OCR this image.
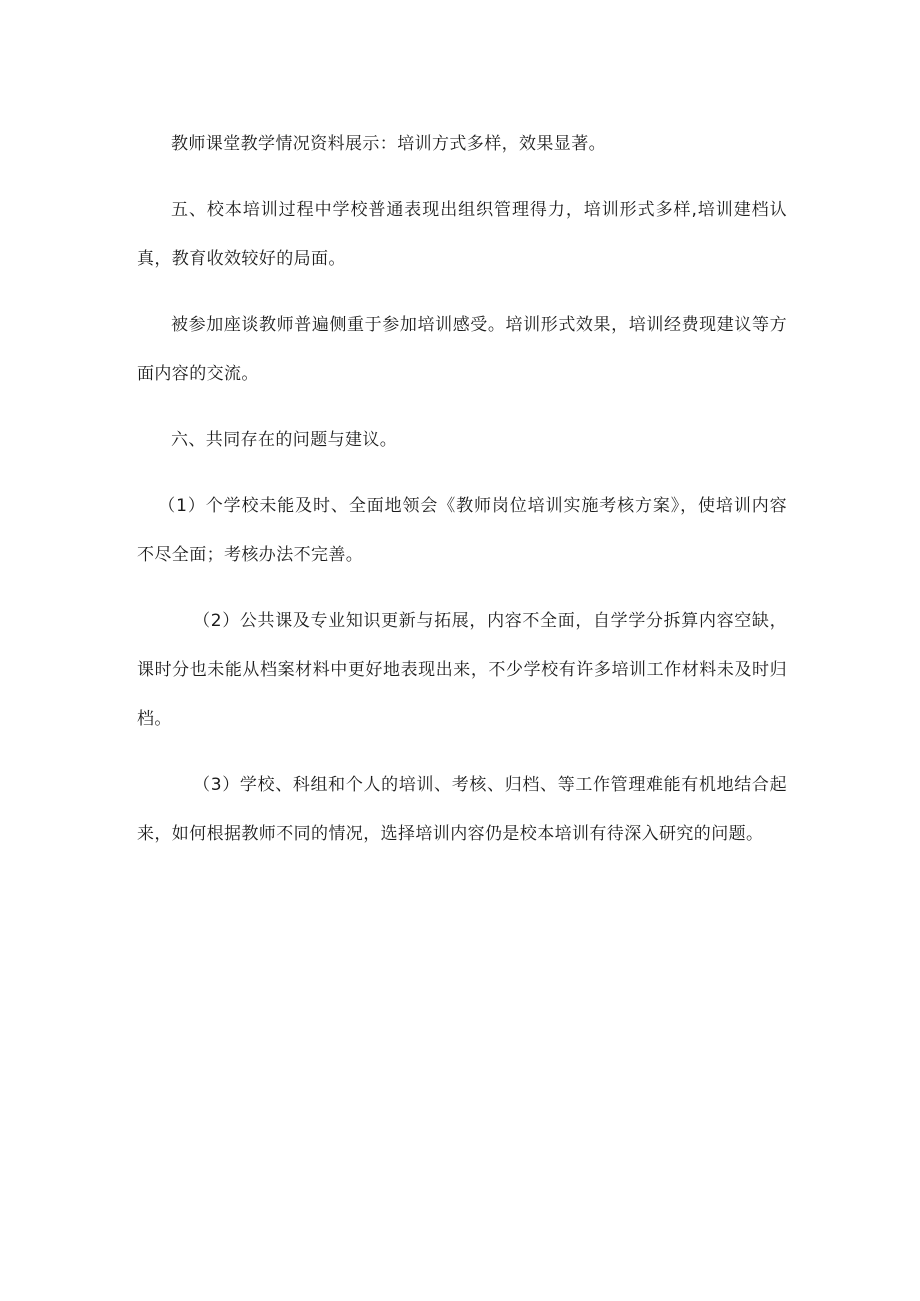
教师课堂教学情况资料展示：培训方式多样，效果显著。

五、校本培训过程中学校普通表现出组织管理得力，培训形式多样,培训建档认真，教育收效较好的局面。

被参加座谈教师普遍侧重于参加培训感受。培训形式效果，培训经费现建议等方面内容的交流。

六、共同存在的问题与建议。

（1）个学校未能及时、全面地领会《教师岗位培训实施考核方案》，使培训内容不尽全面；考核办法不完善。

（2）公共课及专业知识更新与拓展，内容不全面，自学学分拆算内容空缺，课时分也未能从档案材料中更好地表现出来，不少学校有许多培训工作材料未及时归档。

（3）学校、科组和个人的培训、考核、归档、等工作管理难能有机地结合起来，如何根据教师不同的情况，选择培训内容仍是校本培训有待深入研究的问题。
